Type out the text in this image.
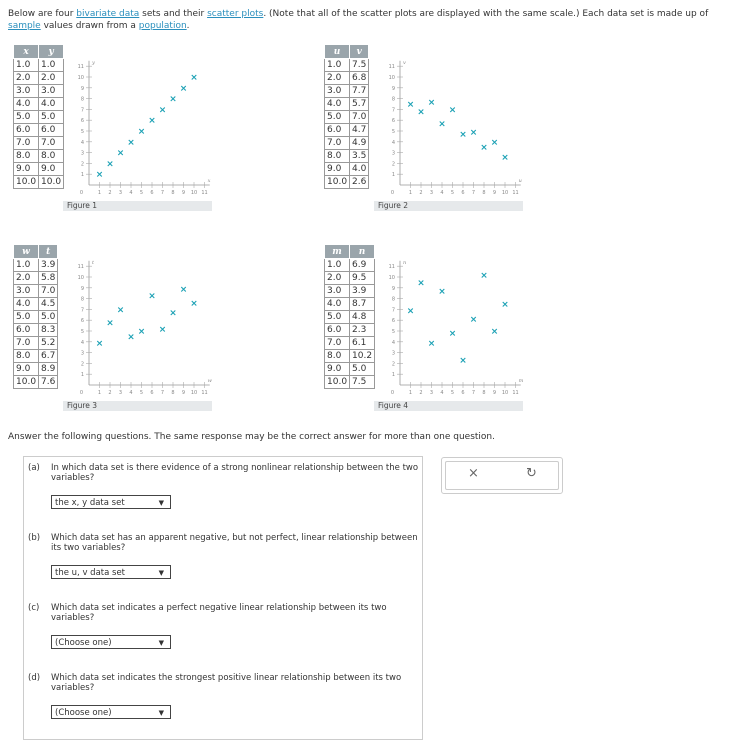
Below are four bivariate data sets and their scatter plots. (Note that all of the scatter plots are displayed with the same scale.) Each data set is made up of sample values drawn from a population.
x	y
1.0	1.0
2.0	2.0
3.0	3.0
4.0	4.0
5.0	5.0
6.0	6.0
7.0	7.0
8.0	8.0
9.0	9.0
10.0	10.0
1
1
2
2
3
3
4
4
5
5
6
6
7
7
8
8
9
9
10
10
11
11
0
x
y
×
×
×
×
×
×
×
×
×
×
Figure 1
u	v
1.0	7.5
2.0	6.8
3.0	7.7
4.0	5.7
5.0	7.0
6.0	4.7
7.0	4.9
8.0	3.5
9.0	4.0
10.0	2.6
1
1
2
2
3
3
4
4
5
5
6
6
7
7
8
8
9
9
10
10
11
11
0
u
v
×
×
×
×
×
× ×
×
×
×
Figure 2
w	t
1.0	3.9
2.0	5.8
3.0	7.0
4.0	4.5
5.0	5.0
6.0	8.3
7.0	5.2
8.0	6.7
9.0	8.9
10.0	7.6
1
1
2
2
3
3
4
4
5
5
6
6
7
7
8
8
9
9
10
10
11
11
0
w
t
×
×
×
×
×
×
×
×
×
×
Figure 3
m	n
1.0	6.9
2.0	9.5
3.0	3.9
4.0	8.7
5.0	4.8
6.0	2.3
7.0	6.1
8.0	10.2
9.0	5.0
10.0	7.5
1
1
2
2
3
3
4
4
5
5
6
6
7
7
8
8
9
9
10
10
11
11
0
m
n
×
×
×
×
×
×
×
×
×
×
Figure 4
Answer the following questions. The same response may be the correct answer for more than one question.
(a) In which data set is there evidence of a strong nonlinear relationship between the two variables?
the x, y data set	▼
(b) Which data set has an apparent negative, but not perfect, linear relationship between its two variables?
the u, v data set	▼
(c) Which data set indicates a perfect negative linear relationship between its two variables?
(Choose one)	▼
(d) Which data set indicates the strongest positive linear relationship between its two variables?
(Choose one)	▼
×	↻
